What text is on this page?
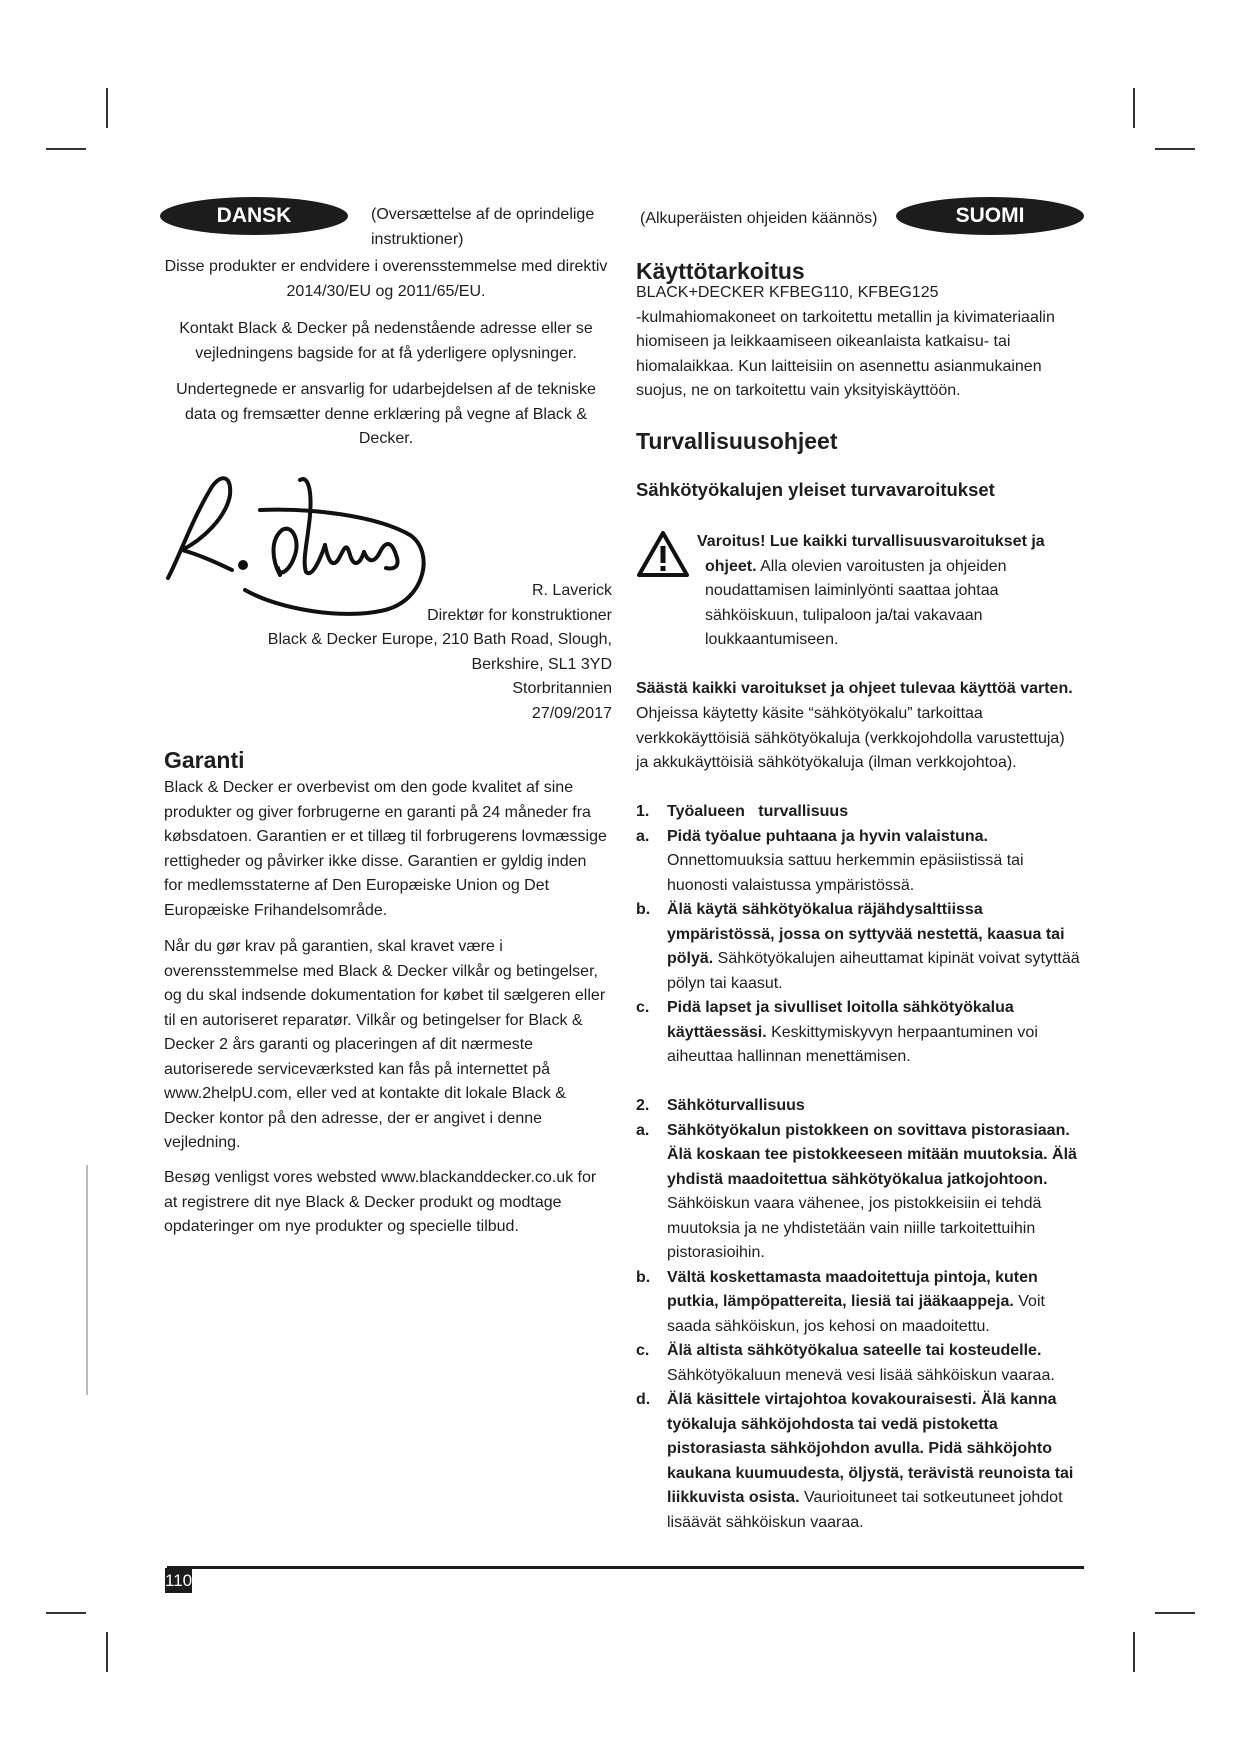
DANSK	(Oversættelse af de oprindelige

instruktioner)

Disse produkter er endvidere i overensstemmelse med direktiv

2014/30/EU og 2011/65/EU.

Kontakt Black & Decker på nedenstående adresse eller se

vejledningens bagside for at få yderligere oplysninger.

Undertegnede er ansvarlig for udarbejdelsen af de tekniske

data og fremsætter denne erklæring på vegne af Black &

Decker.

R. Laverick

Direktør for konstruktioner

Black & Decker Europe, 210 Bath Road, Slough,

Berkshire, SL1 3YD

Storbritannien

27/09/2017

Garanti

Black & Decker er overbevist om den gode kvalitet af sine

produkter og giver forbrugerne en garanti på 24 måneder fra

købsdatoen. Garantien er et tillæg til forbrugerens lovmæssige

rettigheder og påvirker ikke disse. Garantien er gyldig inden

for medlemsstaterne af Den Europæiske Union og Det

Europæiske Frihandelsområde.

Når du gør krav på garantien, skal kravet være i

overensstemmelse med Black & Decker vilkår og betingelser,

og du skal indsende dokumentation for købet til sælgeren eller

til en autoriseret reparatør. Vilkår og betingelser for Black &

Decker 2 års garanti og placeringen af dit nærmeste

autoriserede serviceværksted kan fås på internettet på

www.2helpU.com, eller ved at kontakte dit lokale Black &

Decker kontor på den adresse, der er angivet i denne

vejledning.

Besøg venligst vores websted www.blackanddecker.co.uk for

at registrere dit nye Black & Decker produkt og modtage

opdateringer om nye produkter og specielle tilbud.

(Alkuperäisten ohjeiden käännös)	SUOMI
Käyttötarkoitus

BLACK+DECKER KFBEG110, KFBEG125

-kulmahiomakoneet on tarkoitettu metallin ja kivimateriaalin

hiomiseen ja leikkaamiseen oikeanlaista katkaisu- tai

hiomalaikkaa. Kun laitteisiin on asennettu asianmukainen

suojus, ne on tarkoitettu vain yksityiskäyttöön.

Turvallisuusohjeet
Sähkötyökalujen yleiset turvavaroitukset

Varoitus! Lue kaikki turvallisuusvaroitukset ja

ohjeet. Alla olevien varoitusten ja ohjeiden

noudattamisen laiminlyönti saattaa johtaa

sähköiskuun, tulipaloon ja/tai vakavaan

loukkaantumiseen.

Säästä kaikki varoitukset ja ohjeet tulevaa käyttöä varten.

Ohjeissa käytetty käsite “sähkötyökalu” tarkoittaa

verkkokäyttöisiä sähkötyökaluja (verkkojohdolla varustettuja)

ja akkukäyttöisiä sähkötyökaluja (ilman verkkojohtoa).

1. Työalueen   turvallisuus

a. Pidä työalue puhtaana ja hyvin valaistuna.

Onnettomuuksia sattuu herkemmin epäsiistissä tai

huonosti valaistussa ympäristössä.

b. Älä käytä sähkötyökalua räjähdysalttiissa

ympäristössä, jossa on syttyvää nestettä, kaasua tai

pölyä. Sähkötyökalujen aiheuttamat kipinät voivat sytyttää

pölyn tai kaasut.

c. Pidä lapset ja sivulliset loitolla sähkötyökalua

käyttäessäsi. Keskittymiskyvyn herpaantuminen voi

aiheuttaa hallinnan menettämisen.

2. Sähköturvallisuus

a. Sähkötyökalun pistokkeen on sovittava pistorasiaan.

Älä koskaan tee pistokkeeseen mitään muutoksia. Älä

yhdistä maadoitettua sähkötyökalua jatkojohtoon.

Sähköiskun vaara vähenee, jos pistokkeisiin ei tehdä

muutoksia ja ne yhdistetään vain niille tarkoitettuihin

pistorasioihin.

b. Vältä koskettamasta maadoitettuja pintoja, kuten

putkia, lämpöpattereita, liesiä tai jääkaappeja. Voit

saada sähköiskun, jos kehosi on maadoitettu.

c. Älä altista sähkötyökalua sateelle tai kosteudelle.

Sähkötyökaluun menevä vesi lisää sähköiskun vaaraa.

d. Älä käsittele virtajohtoa kovakouraisesti. Älä kanna

työkaluja sähköjohdosta tai vedä pistoketta

pistorasiasta sähköjohdon avulla. Pidä sähköjohto

kaukana kuumuudesta, öljystä, terävistä reunoista tai

liikkuvista osista. Vaurioituneet tai sotkeutuneet johdot

lisäävät sähköiskun vaaraa.

110
